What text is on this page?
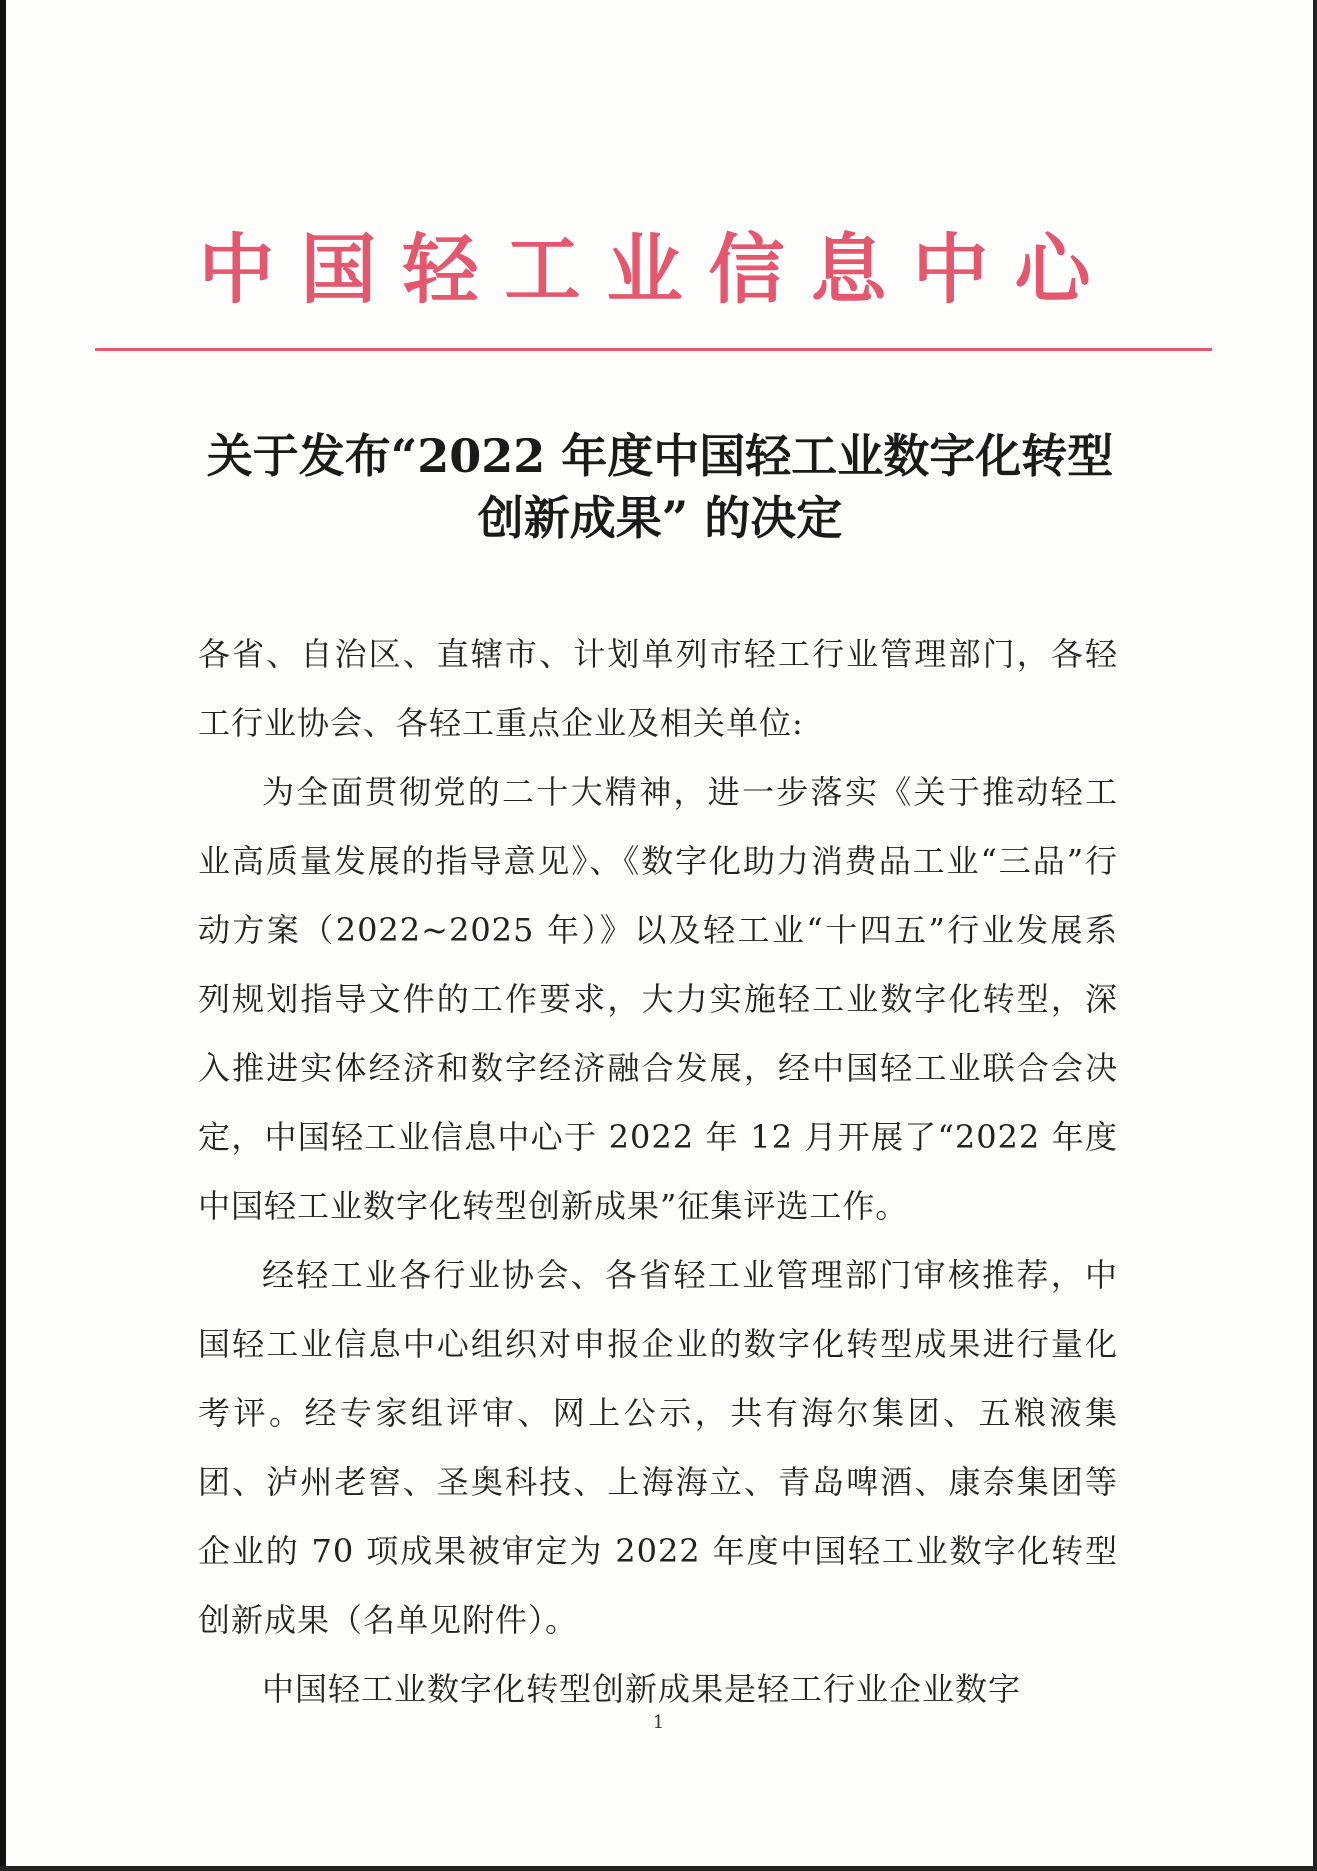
中国轻工业信息中心
关于发布“2022 年度中国轻工业数字化转型
创新成果” 的决定

各省、自治区、直辖市、计划单列市轻工行业管理部门，各轻工行业协会、各轻工重点企业及相关单位:

为全面贯彻党的二十大精神，进一步落实《关于推动轻工业高质量发展的指导意见》、《数字化助力消费品工业“三品”行动方案（2022~2025 年）》以及轻工业“十四五”行业发展系列规划指导文件的工作要求，大力实施轻工业数字化转型，深入推进实体经济和数字经济融合发展，经中国轻工业联合会决定，中国轻工业信息中心于 2022 年 12 月开展了“2022 年度中国轻工业数字化转型创新成果”征集评选工作。

经轻工业各行业协会、各省轻工业管理部门审核推荐，中国轻工业信息中心组织对申报企业的数字化转型成果进行量化考评。经专家组评审、网上公示，共有海尔集团、五粮液集团、泸州老窖、圣奥科技、上海海立、青岛啤酒、康奈集团等企业的 70 项成果被审定为 2022 年度中国轻工业数字化转型创新成果（名单见附件）。

中国轻工业数字化转型创新成果是轻工行业企业数字

1
